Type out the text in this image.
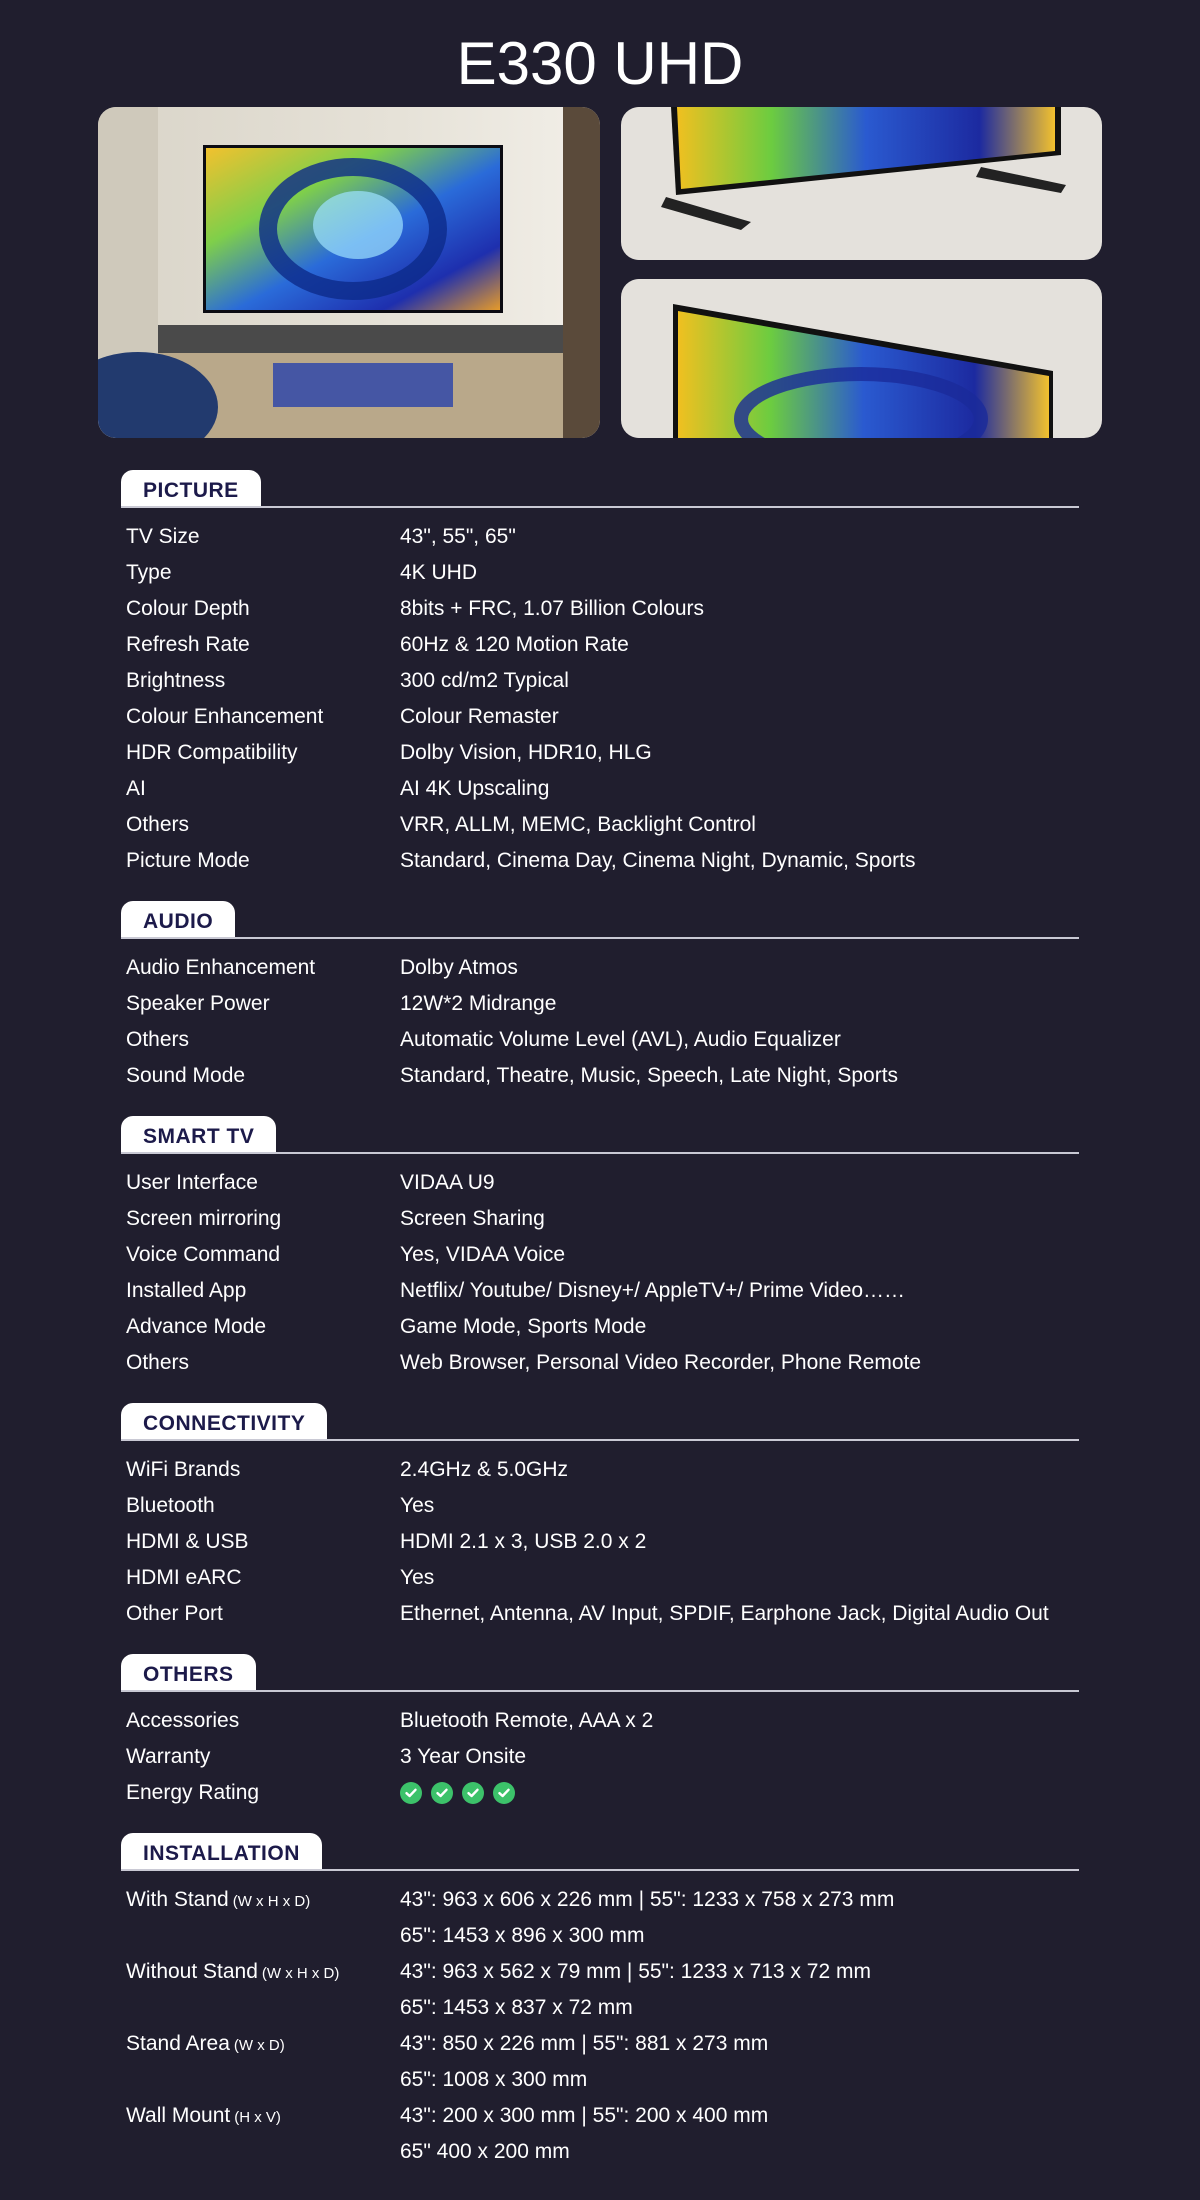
E330 UHD
PICTURE
TV Size	43", 55", 65"
Type	4K UHD
Colour Depth	8bits + FRC, 1.07 Billion Colours
Refresh Rate	60Hz & 120 Motion Rate
Brightness	300 cd/m2 Typical
Colour Enhancement	Colour Remaster
HDR Compatibility	Dolby Vision, HDR10, HLG
AI	AI 4K Upscaling
Others	VRR, ALLM, MEMC, Backlight Control
Picture Mode	Standard, Cinema Day, Cinema Night, Dynamic, Sports
AUDIO
Audio Enhancement	Dolby Atmos
Speaker Power	12W*2 Midrange
Others	Automatic Volume Level (AVL), Audio Equalizer
Sound Mode	Standard, Theatre, Music, Speech, Late Night, Sports
SMART TV
User Interface	VIDAA U9
Screen mirroring	Screen Sharing
Voice Command	Yes, VIDAA Voice
Installed App	Netflix/ Youtube/ Disney+/ AppleTV+/ Prime Video……
Advance Mode	Game Mode, Sports Mode
Others	Web Browser, Personal Video Recorder, Phone Remote
CONNECTIVITY
WiFi Brands	2.4GHz & 5.0GHz
Bluetooth	Yes
HDMI & USB	HDMI 2.1 x 3, USB 2.0 x 2
HDMI eARC	Yes
Other Port	Ethernet, Antenna, AV Input, SPDIF, Earphone Jack, Digital Audio Out
OTHERS
Accessories	Bluetooth Remote, AAA x 2
Warranty	3 Year Onsite
Energy Rating
INSTALLATION
With Stand (W x H x D)	43": 963 x 606 x 226 mm | 55": 1233 x 758 x 273 mm
65": 1453 x 896 x 300 mm
Without Stand (W x H x D)	43": 963 x 562 x 79 mm | 55": 1233 x 713 x 72 mm
65": 1453 x 837 x 72 mm
Stand Area (W x D)	43": 850 x 226 mm | 55": 881 x 273 mm
65": 1008 x 300 mm
Wall Mount (H x V)	43": 200 x 300 mm | 55": 200 x 400 mm
65" 400 x 200 mm
